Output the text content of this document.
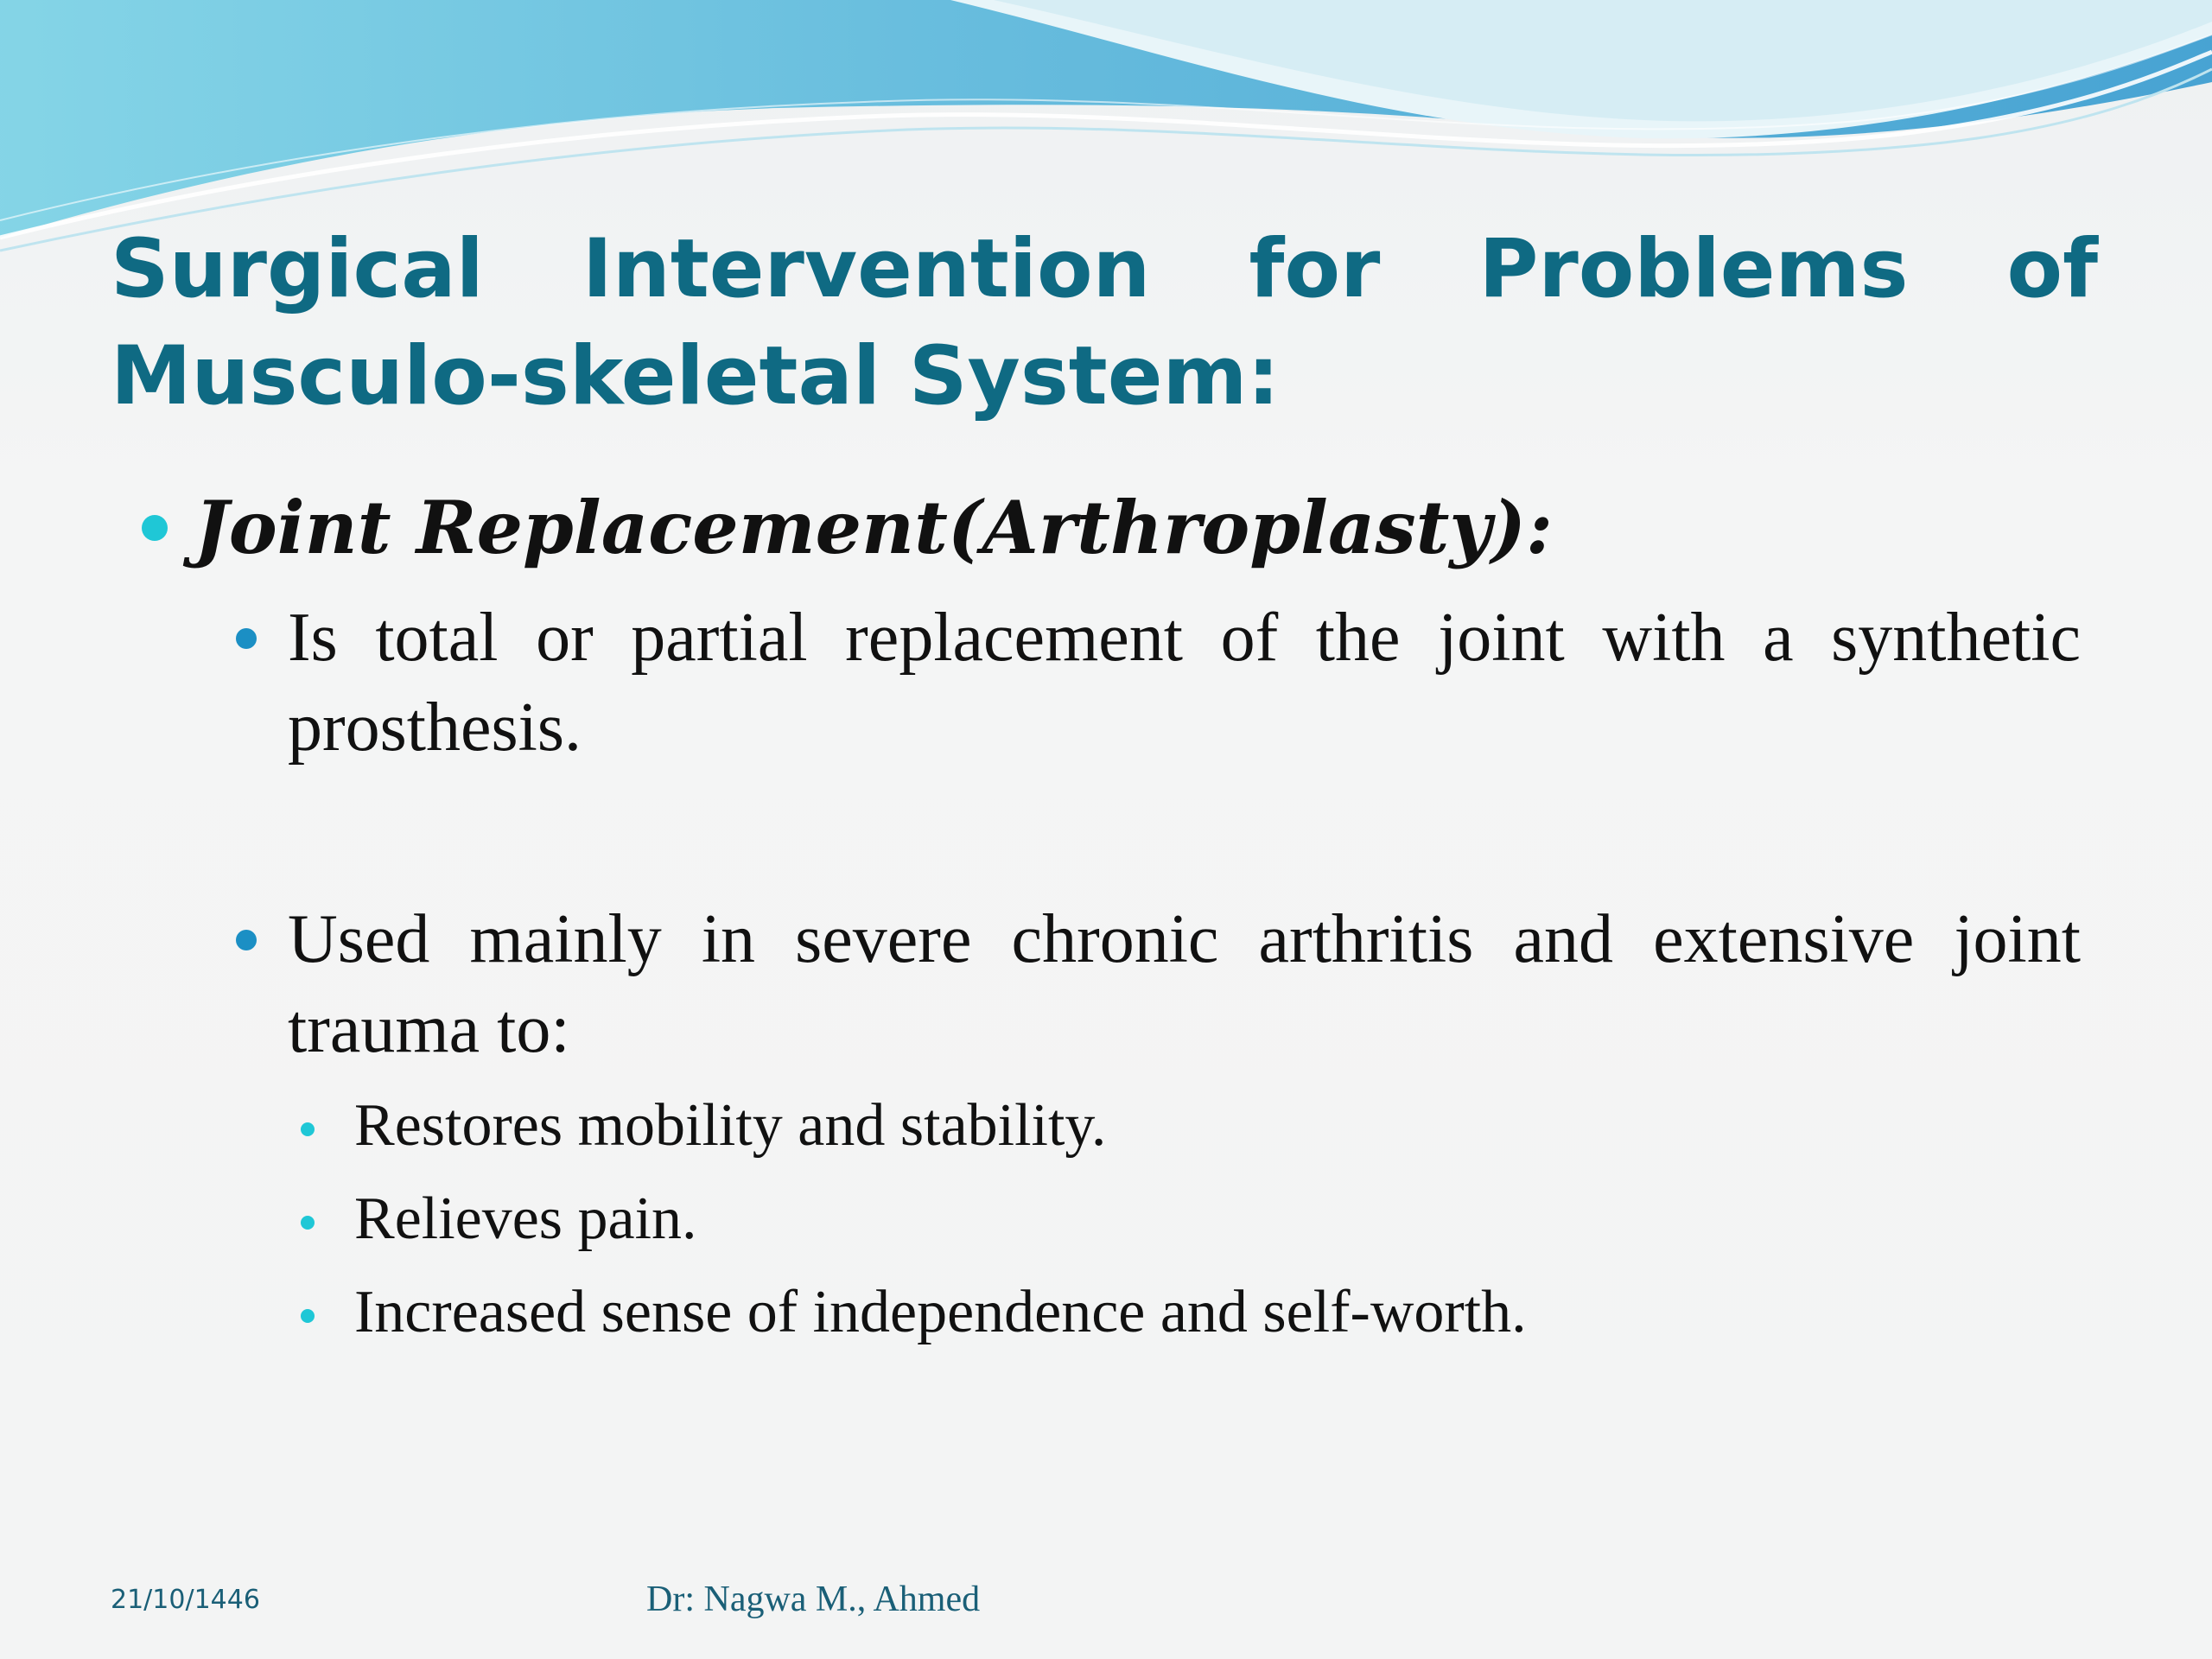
Surgical Intervention for Problems of Musculo-skeletal System:
Joint Replacement(Arthroplasty):

Is total or partial replacement of the joint with a synthetic prosthesis.

Used mainly in severe chronic arthritis and extensive joint trauma to:

Restores mobility and stability.
Relieves pain.
Increased sense of independence and self-worth.
21/10/1446	Dr: Nagwa M., Ahmed
